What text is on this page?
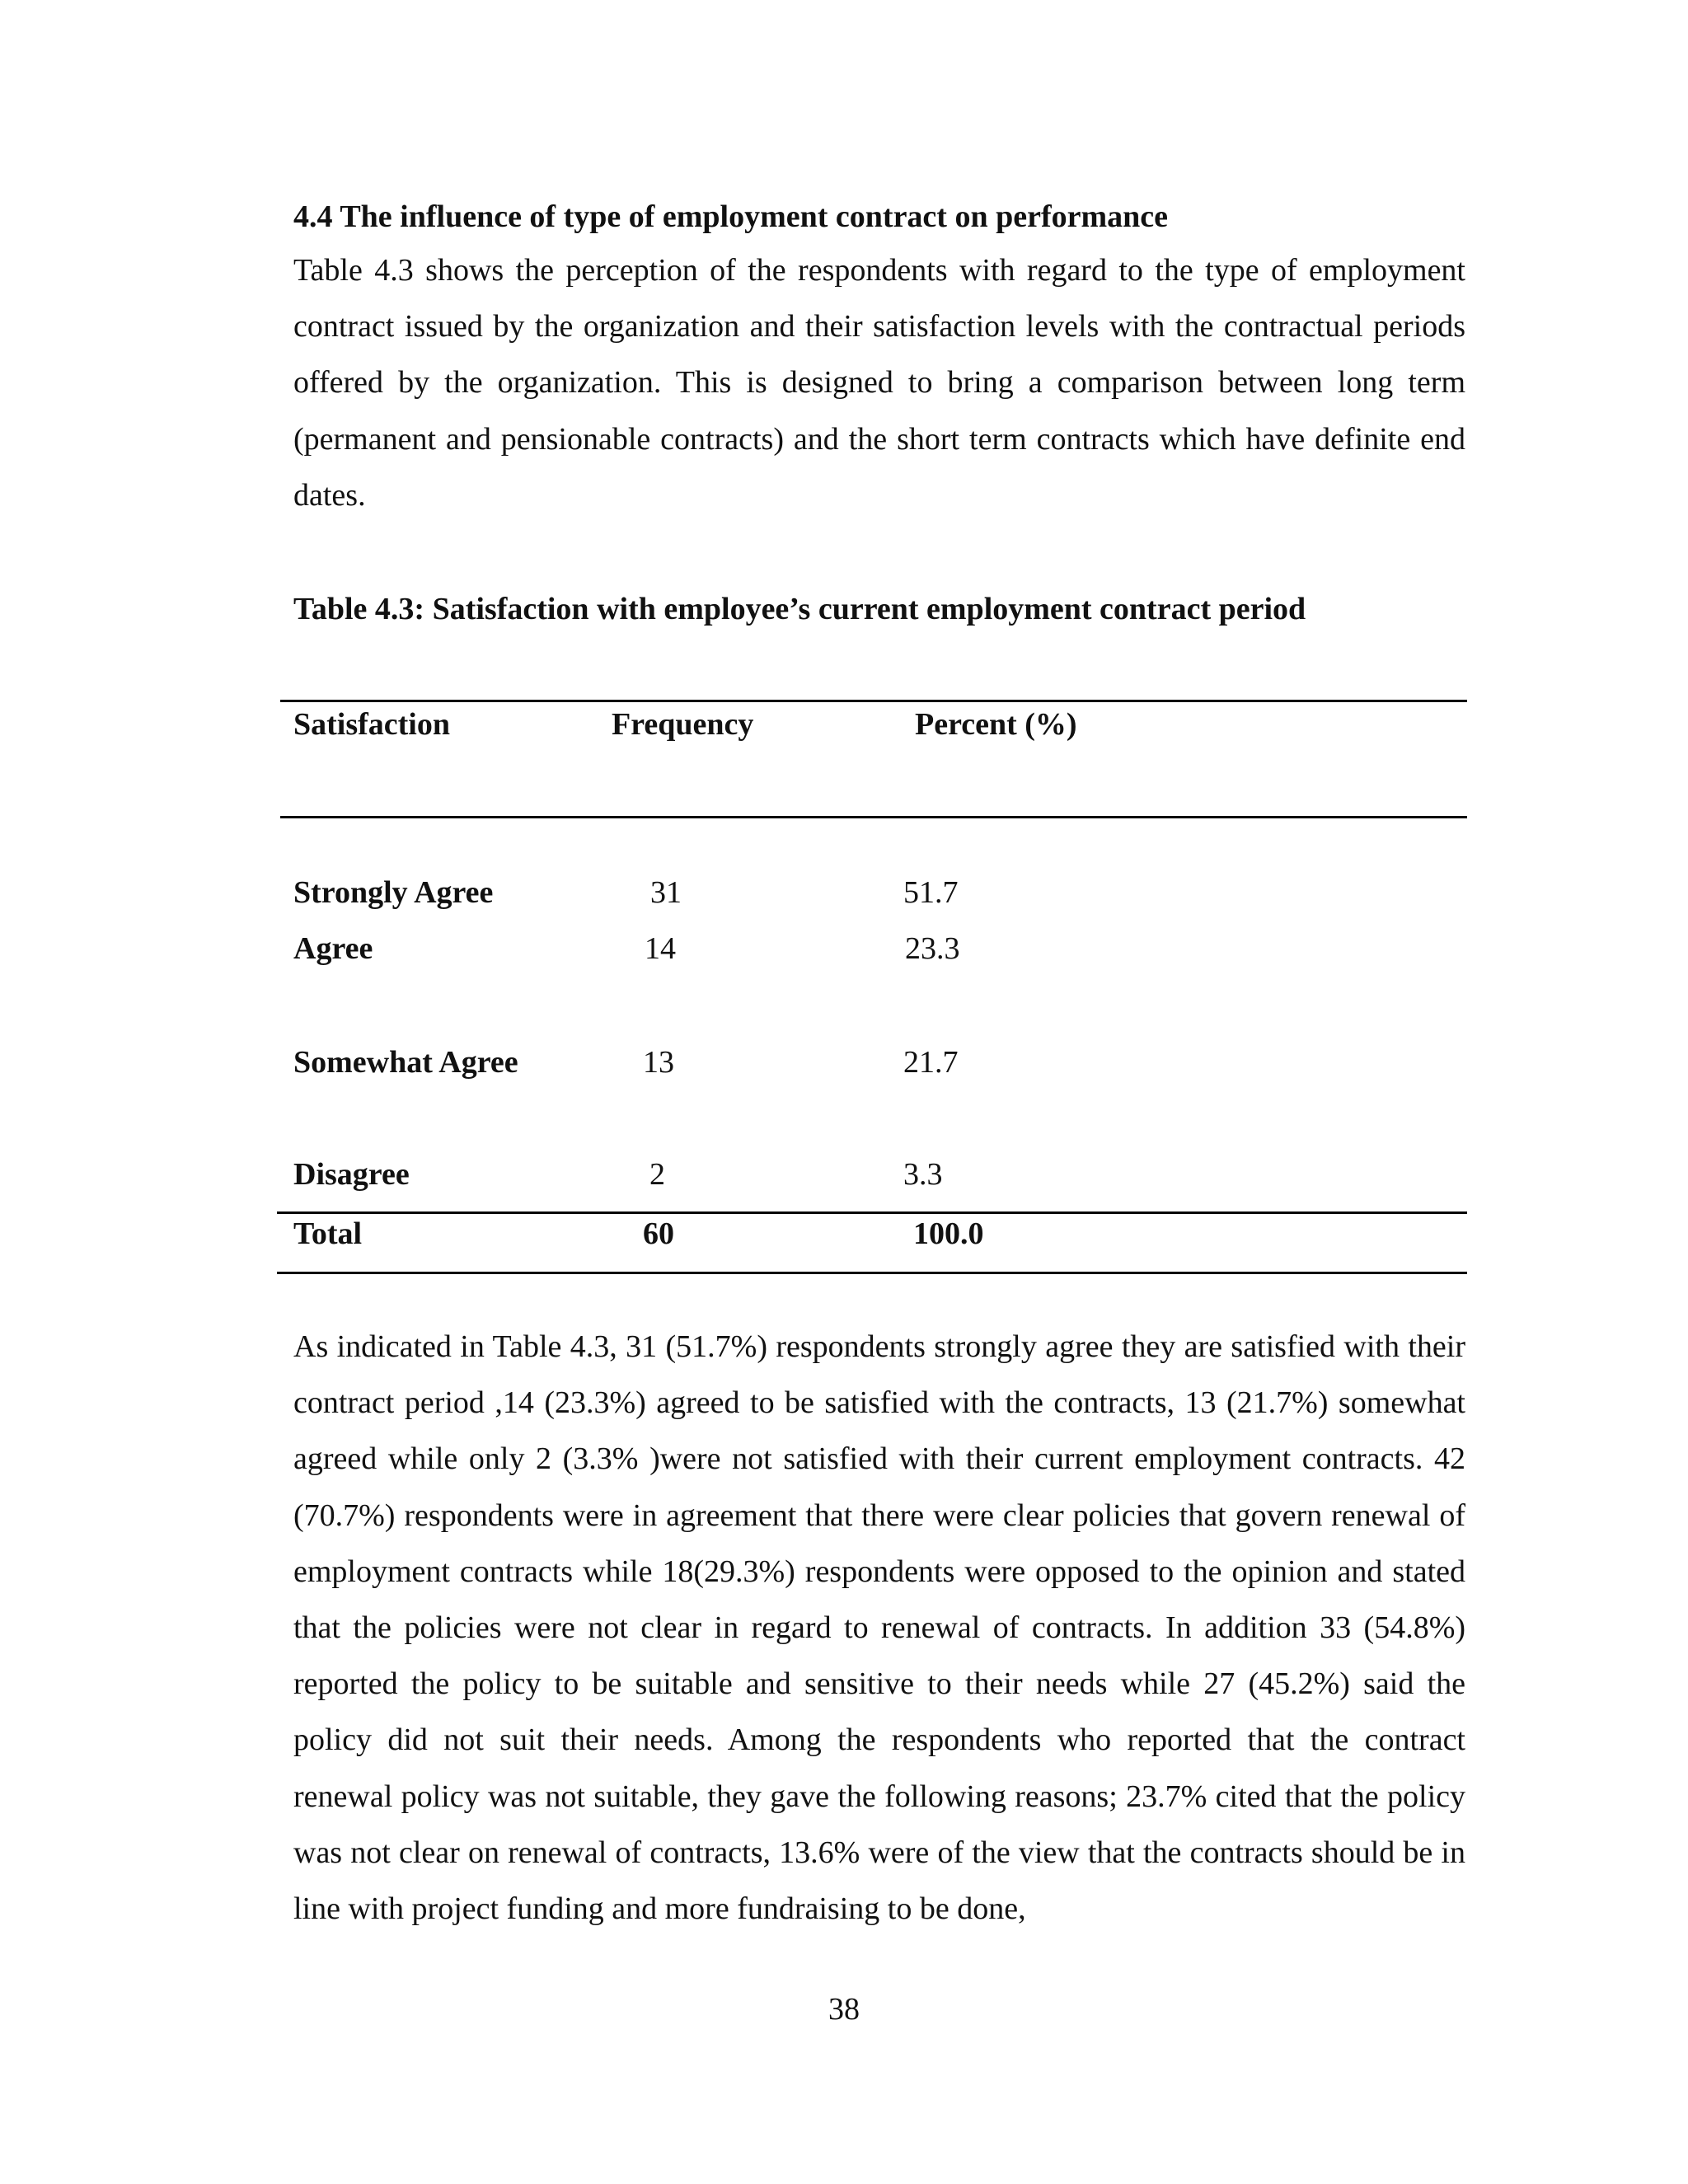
4.4 The influence of type of employment contract on performance

Table 4.3 shows the perception of the respondents with regard to the type of employment contract issued by the organization and their satisfaction levels with the contractual periods offered by the organization. This is designed to bring a comparison between long term (permanent and pensionable contracts) and the short term contracts which have definite end dates.

Table 4.3: Satisfaction with employee’s current employment contract period
Satisfaction	Frequency	Percent (%)
Strongly Agree	31	51.7
Agree	14	23.3
Somewhat Agree	13	21.7
Disagree	2	3.3
Total	60	100.0

As indicated in Table 4.3, 31 (51.7%) respondents strongly agree they are satisfied with their contract period ,14 (23.3%) agreed to be satisfied with the contracts, 13 (21.7%) somewhat agreed while only 2 (3.3% )were not satisfied with their current employment contracts. 42 (70.7%) respondents were in agreement that there were clear policies that govern renewal of employment contracts while 18(29.3%) respondents were opposed to the opinion and stated that the policies were not clear in regard to renewal of contracts. In addition 33 (54.8%) reported the policy to be suitable and sensitive to their needs while 27 (45.2%) said the policy did not suit their needs. Among the respondents who reported that the contract renewal policy was not suitable, they gave the following reasons; 23.7% cited that the policy was not clear on renewal of contracts, 13.6% were of the view that the contracts should be in line with project funding and more fundraising to be done,

38
